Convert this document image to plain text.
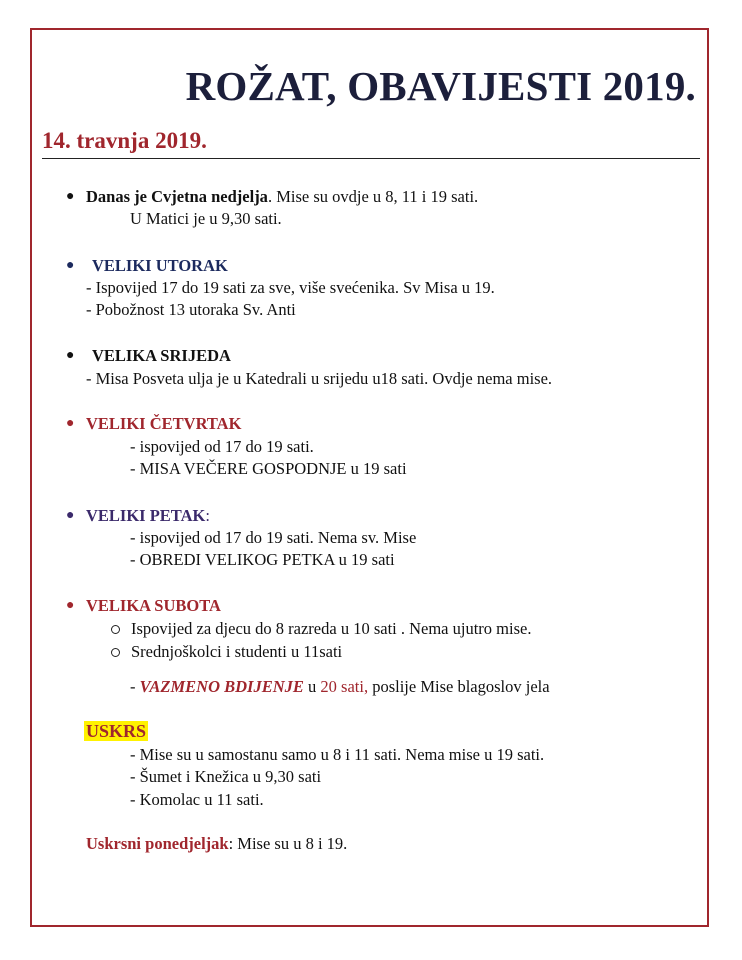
ROŽAT, OBAVIJESTI 2019.
14. travnja 2019.
● Danas je Cvjetna nedjelja. Mise su ovdje u 8, 11 i 19 sati.
U Matici je u 9,30 sati.
● VELIKI UTORAK
- Ispovijed 17 do 19 sati za sve, više svećenika. Sv Misa u 19.
- Pobožnost 13 utoraka Sv. Anti
● VELIKA SRIJEDA
- Misa Posveta ulja je u Katedrali u srijedu u18 sati. Ovdje nema mise.
● VELIKI ČETVRTAK
- ispovijed od 17 do 19 sati.
- MISA VEČERE GOSPODNJE u 19 sati
● VELIKI PETAK:
- ispovijed od 17 do 19 sati. Nema sv. Mise
- OBREDI VELIKOG PETKA u 19 sati
● VELIKA SUBOTA
Ispovijed za djecu do 8 razreda u 10 sati . Nema ujutro mise.
Srednjoškolci i studenti u 11sati
- VAZMENO BDIJENJE u 20 sati, poslije Mise blagoslov jela
USKRS
- Mise su u samostanu samo u 8 i 11 sati. Nema mise u 19 sati.
- Šumet i Knežica u 9,30 sati
- Komolac u 11 sati.
Uskrsni ponedjeljak: Mise su u 8 i 19.
